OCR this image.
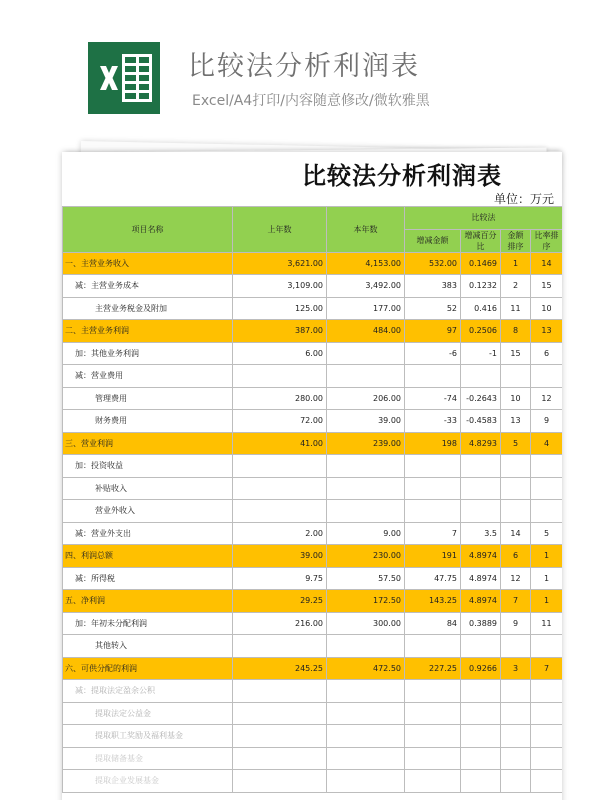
比较法分析利润表
Excel/A4打印/内容随意修改/微软雅黑
比较法分析利润表
单位：万元
项目名称	上年数	本年数	比较法			
			增减金额	增减百分比	金额排序	比率排序
一、主营业务收入	3,621.00	4,153.00	532.00	0.1469	1	14
减：主营业务成本	3,109.00	3,492.00	383	0.1232	2	15
主营业务税金及附加	125.00	177.00	52	0.416	11	10
二、主营业务利润	387.00	484.00	97	0.2506	8	13
加：其他业务利润	6.00		-6	-1	15	6
减：营业费用						
管理费用	280.00	206.00	-74	-0.2643	10	12
财务费用	72.00	39.00	-33	-0.4583	13	9
三、营业利润	41.00	239.00	198	4.8293	5	4
加：投资收益						
补贴收入						
营业外收入						
减：营业外支出	2.00	9.00	7	3.5	14	5
四、利润总额	39.00	230.00	191	4.8974	6	1
减：所得税	9.75	57.50	47.75	4.8974	12	1
五、净利润	29.25	172.50	143.25	4.8974	7	1
加：年初未分配利润	216.00	300.00	84	0.3889	9	11
其他转入						
六、可供分配的利润	245.25	472.50	227.25	0.9266	3	7
减：提取法定盈余公积						
提取法定公益金						
提取职工奖励及福利基金						
提取储备基金						
提取企业发展基金						
